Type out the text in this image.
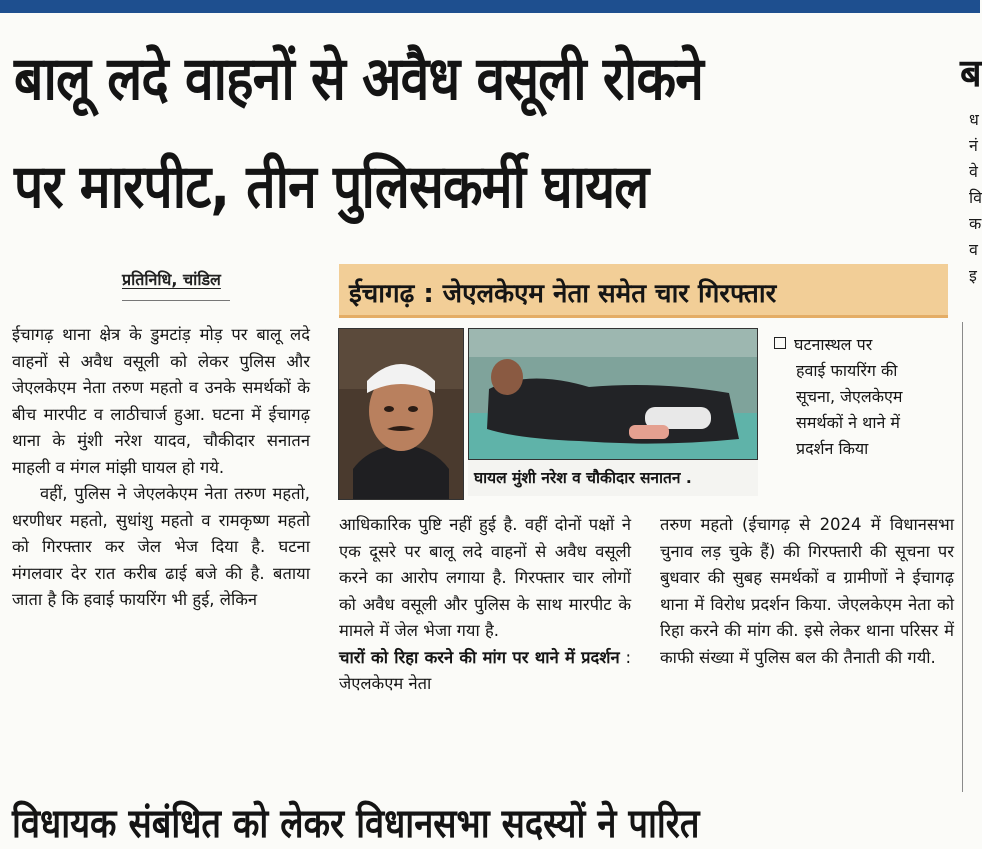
बालू लदे वाहनों से अवैध वसूली रोकने
पर मारपीट, तीन पुलिसकर्मी घायल
ब
ध
नं
वे
वि
क
व
इ
प्रतिनिधि, चांडिल	ईचागढ़ : जेएलकेएम नेता समेत चार गिरफ्तार

ईचागढ़ थाना क्षेत्र के डुमटांड़ मोड़ पर बालू लदे वाहनों से अवैध वसूली को लेकर पुलिस और जेएलकेएम नेता तरुण महतो व उनके समर्थकों के बीच मारपीट व लाठीचार्ज हुआ. घटना में ईचागढ़ थाना के मुंशी नरेश यादव, चौकीदार सनातन माहली व मंगल मांझी घायल हो गये.

वहीं, पुलिस ने जेएलकेएम नेता तरुण महतो, धरणीधर महतो, सुधांशु महतो व रामकृष्ण महतो को गिरफ्तार कर जेल भेज दिया है. घटना मंगलवार देर रात करीब ढाई बजे की है. बताया जाता है कि हवाई फायरिंग भी हुई, लेकिन

घायल मुंशी नरेश व चौकीदार सनातन .
घटनास्थल पर
हवाई फायरिंग की
सूचना, जेएलकेएम
समर्थकों ने थाने में
प्रदर्शन किया

आधिकारिक पुष्टि नहीं हुई है. वहीं दोनों पक्षों ने एक दूसरे पर बालू लदे वाहनों से अवैध वसूली करने का आरोप लगाया है. गिरफ्तार चार लोगों को अवैध वसूली और पुलिस के साथ मारपीट के मामले में जेल भेजा गया है.

चारों को रिहा करने की मांग पर थाने में प्रदर्शन : जेएलकेएम नेता

तरुण महतो (ईचागढ़ से 2024 में विधानसभा चुनाव लड़ चुके हैं) की गिरफ्तारी की सूचना पर बुधवार की सुबह समर्थकों व ग्रामीणों ने ईचागढ़ थाना में विरोध प्रदर्शन किया. जेएलकेएम नेता को रिहा करने की मांग की. इसे लेकर थाना परिसर में काफी संख्या में पुलिस बल की तैनाती की गयी.

विधायक संबंधित को लेकर विधानसभा सदस्यों ने पारित
